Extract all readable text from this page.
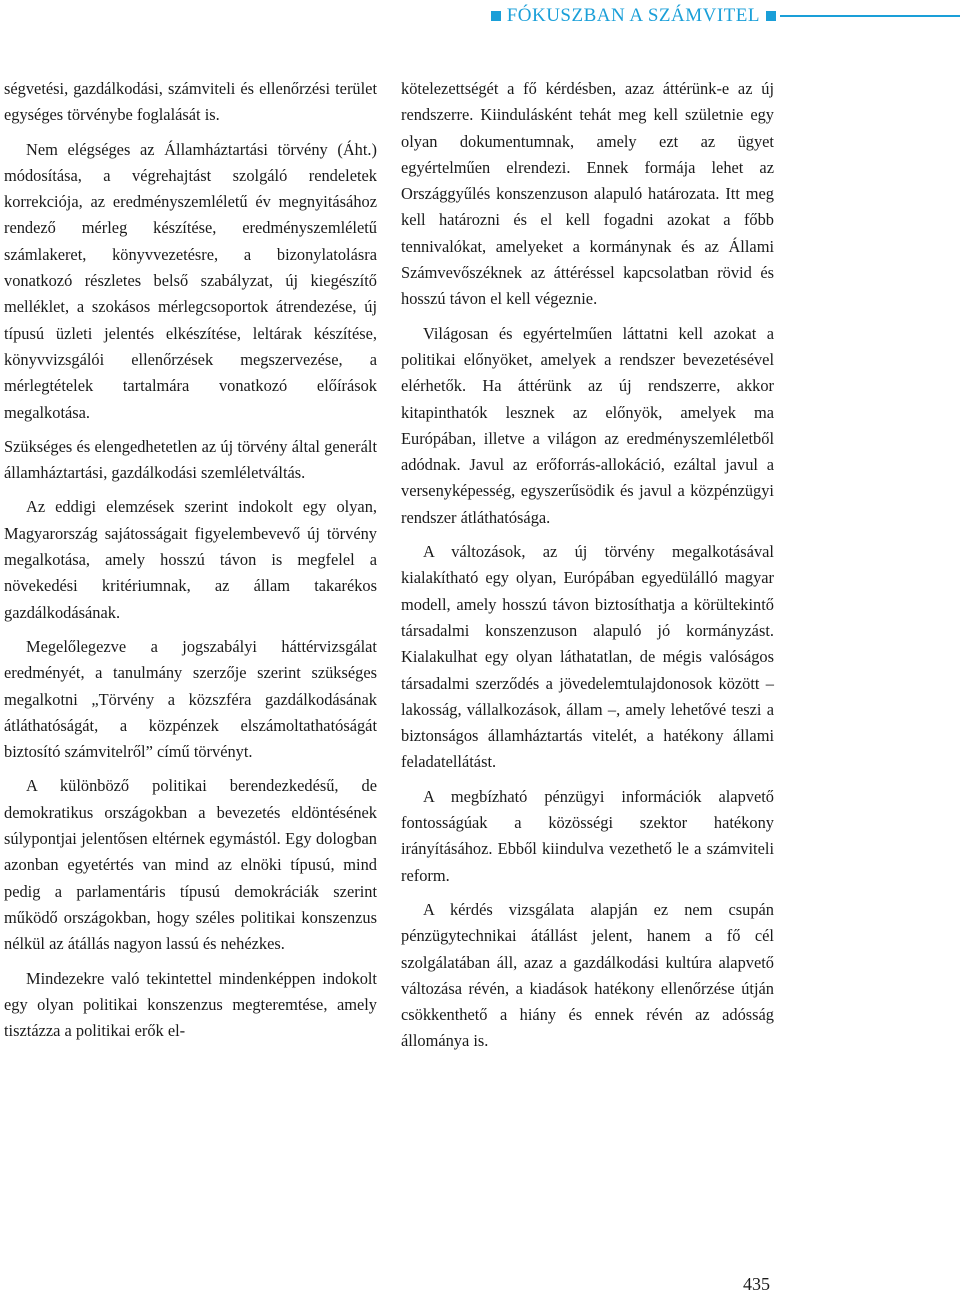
FÓKUSZBAN A SZÁMVITEL

ségvetési, gazdálkodási, számviteli és ellenőrzési terület egységes törvénybe foglalását is.

Nem elégséges az Államháztartási törvény (Áht.) módosítása, a végrehajtást szolgáló rendeletek korrekciója, az eredményszemléletű év megnyitásához rendező mérleg készítése, eredményszemléletű számlakeret, könyvvezetésre, a bizonylatolásra vonatkozó részletes belső szabályzat, új kiegészítő melléklet, a szokásos mérlegcsoportok átrendezése, új típusú üzleti jelentés elkészítése, leltárak készítése, könyvvizsgálói ellenőrzések megszervezése, a mérlegtételek tartalmára vonatkozó előírások megalkotása.

Szükséges és elengedhetetlen az új törvény által generált államháztartási, gazdálkodási szemléletváltás.

Az eddigi elemzések szerint indokolt egy olyan, Magyarország sajátosságait figyelembevevő új törvény megalkotása, amely hosszú távon is megfelel a növekedési kritériumnak, az állam takarékos gazdálkodásának.

Megelőlegezve a jogszabályi háttérvizsgálat eredményét, a tanulmány szerzője szerint szükséges megalkotni „Törvény a közszféra gazdálkodásának átláthatóságát, a közpénzek elszámoltathatóságát biztosító számvitelről” című törvényt.

A különböző politikai berendezkedésű, de demokratikus országokban a bevezetés eldöntésének súlypontjai jelentősen eltérnek egymástól. Egy dologban azonban egyetértés van mind az elnöki típusú, mind pedig a parlamentáris típusú demokráciák szerint működő országokban, hogy széles politikai konszenzus nélkül az átállás nagyon lassú és nehézkes.

Mindezekre való tekintettel mindenképpen indokolt egy olyan politikai konszenzus megteremtése, amely tisztázza a politikai erők el-

kötelezettségét a fő kérdésben, azaz áttérünk-e az új rendszerre. Kiindulásként tehát meg kell születnie egy olyan dokumentumnak, amely ezt az ügyet egyértelműen elrendezi. Ennek formája lehet az Országgyűlés konszenzuson alapuló határozata. Itt meg kell határozni és el kell fogadni azokat a főbb tennivalókat, amelyeket a kormánynak és az Állami Számvevőszéknek az áttéréssel kapcsolatban rövid és hosszú távon el kell végeznie.

Világosan és egyértelműen láttatni kell azokat a politikai előnyöket, amelyek a rendszer bevezetésével elérhetők. Ha áttérünk az új rendszerre, akkor kitapinthatók lesznek az előnyök, amelyek ma Európában, illetve a világon az eredményszemléletből adódnak. Javul az erőforrás-allokáció, ezáltal javul a versenyképesség, egyszerűsödik és javul a közpénzügyi rendszer átláthatósága.

A változások, az új törvény megalkotásával kialakítható egy olyan, Európában egyedülálló magyar modell, amely hosszú távon biztosíthatja a körültekintő társadalmi konszenzuson alapuló jó kormányzást. Kialakulhat egy olyan láthatatlan, de mégis valóságos társadalmi szerződés a jövedelemtulajdonosok között – lakosság, vállalkozások, állam –, amely lehetővé teszi a biztonságos államháztartás vitelét, a hatékony állami feladatellátást.

A megbízható pénzügyi információk alapvető fontosságúak a közösségi szektor hatékony irányításához. Ebből kiindulva vezethető le a számviteli reform.

A kérdés vizsgálata alapján ez nem csupán pénzügytechnikai átállást jelent, hanem a fő cél szolgálatában áll, azaz a gazdálkodási kultúra alapvető változása révén, a kiadások hatékony ellenőrzése útján csökkenthető a hiány és ennek révén az adósság állománya is.

435
